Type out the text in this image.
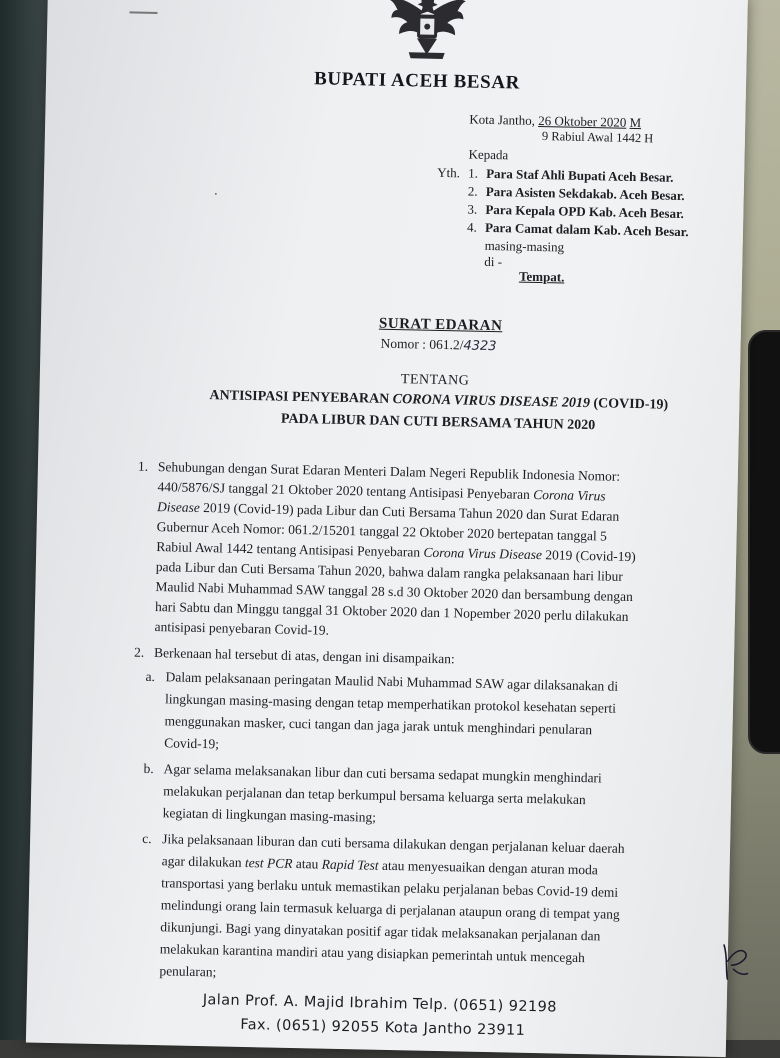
BUPATI ACEH BESAR
Kota Jantho, 26 Oktober 2020 M
9 Rabiul Awal 1442 H
Kepada
Yth. 1. Para Staf Ahli Bupati Aceh Besar.
2. Para Asisten Sekdakab. Aceh Besar.
3. Para Kepala OPD Kab. Aceh Besar.
4. Para Camat dalam Kab. Aceh Besar.
masing-masing
di -
Tempat.
·
SURAT EDARAN
Nomor : 061.2/4323
TENTANG
ANTISIPASI PENYEBARAN CORONA VIRUS DISEASE 2019 (COVID-19)
PADA LIBUR DAN CUTI BERSAMA TAHUN 2020
1. Sehubungan dengan Surat Edaran Menteri Dalam Negeri Republik Indonesia Nomor:
440/5876/SJ tanggal 21 Oktober 2020 tentang Antisipasi Penyebaran Corona Virus
Disease 2019 (Covid-19) pada Libur dan Cuti Bersama Tahun 2020 dan Surat Edaran
Gubernur Aceh Nomor: 061.2/15201 tanggal 22 Oktober 2020 bertepatan tanggal 5
Rabiul Awal 1442 tentang Antisipasi Penyebaran Corona Virus Disease 2019 (Covid-19)
pada Libur dan Cuti Bersama Tahun 2020, bahwa dalam rangka pelaksanaan hari libur
Maulid Nabi Muhammad SAW tanggal 28 s.d 30 Oktober 2020 dan bersambung dengan
hari Sabtu dan Minggu tanggal 31 Oktober 2020 dan 1 Nopember 2020 perlu dilakukan
antisipasi penyebaran Covid-19.
2. Berkenaan hal tersebut di atas, dengan ini disampaikan:
a. Dalam pelaksanaan peringatan Maulid Nabi Muhammad SAW agar dilaksanakan di
lingkungan masing-masing dengan tetap memperhatikan protokol kesehatan seperti
menggunakan masker, cuci tangan dan jaga jarak untuk menghindari penularan
Covid-19;
b. Agar selama melaksanakan libur dan cuti bersama sedapat mungkin menghindari
melakukan perjalanan dan tetap berkumpul bersama keluarga serta melakukan
kegiatan di lingkungan masing-masing;
c. Jika pelaksanaan liburan dan cuti bersama dilakukan dengan perjalanan keluar daerah
agar dilakukan test PCR atau Rapid Test atau menyesuaikan dengan aturan moda
transportasi yang berlaku untuk memastikan pelaku perjalanan bebas Covid-19 demi
melindungi orang lain termasuk keluarga di perjalanan ataupun orang di tempat yang
dikunjungi. Bagi yang dinyatakan positif agar tidak melaksanakan perjalanan dan
melakukan karantina mandiri atau yang disiapkan pemerintah untuk mencegah
penularan;
Jalan Prof. A. Majid Ibrahim Telp. (0651) 92198
Fax. (0651) 92055 Kota Jantho 23911
